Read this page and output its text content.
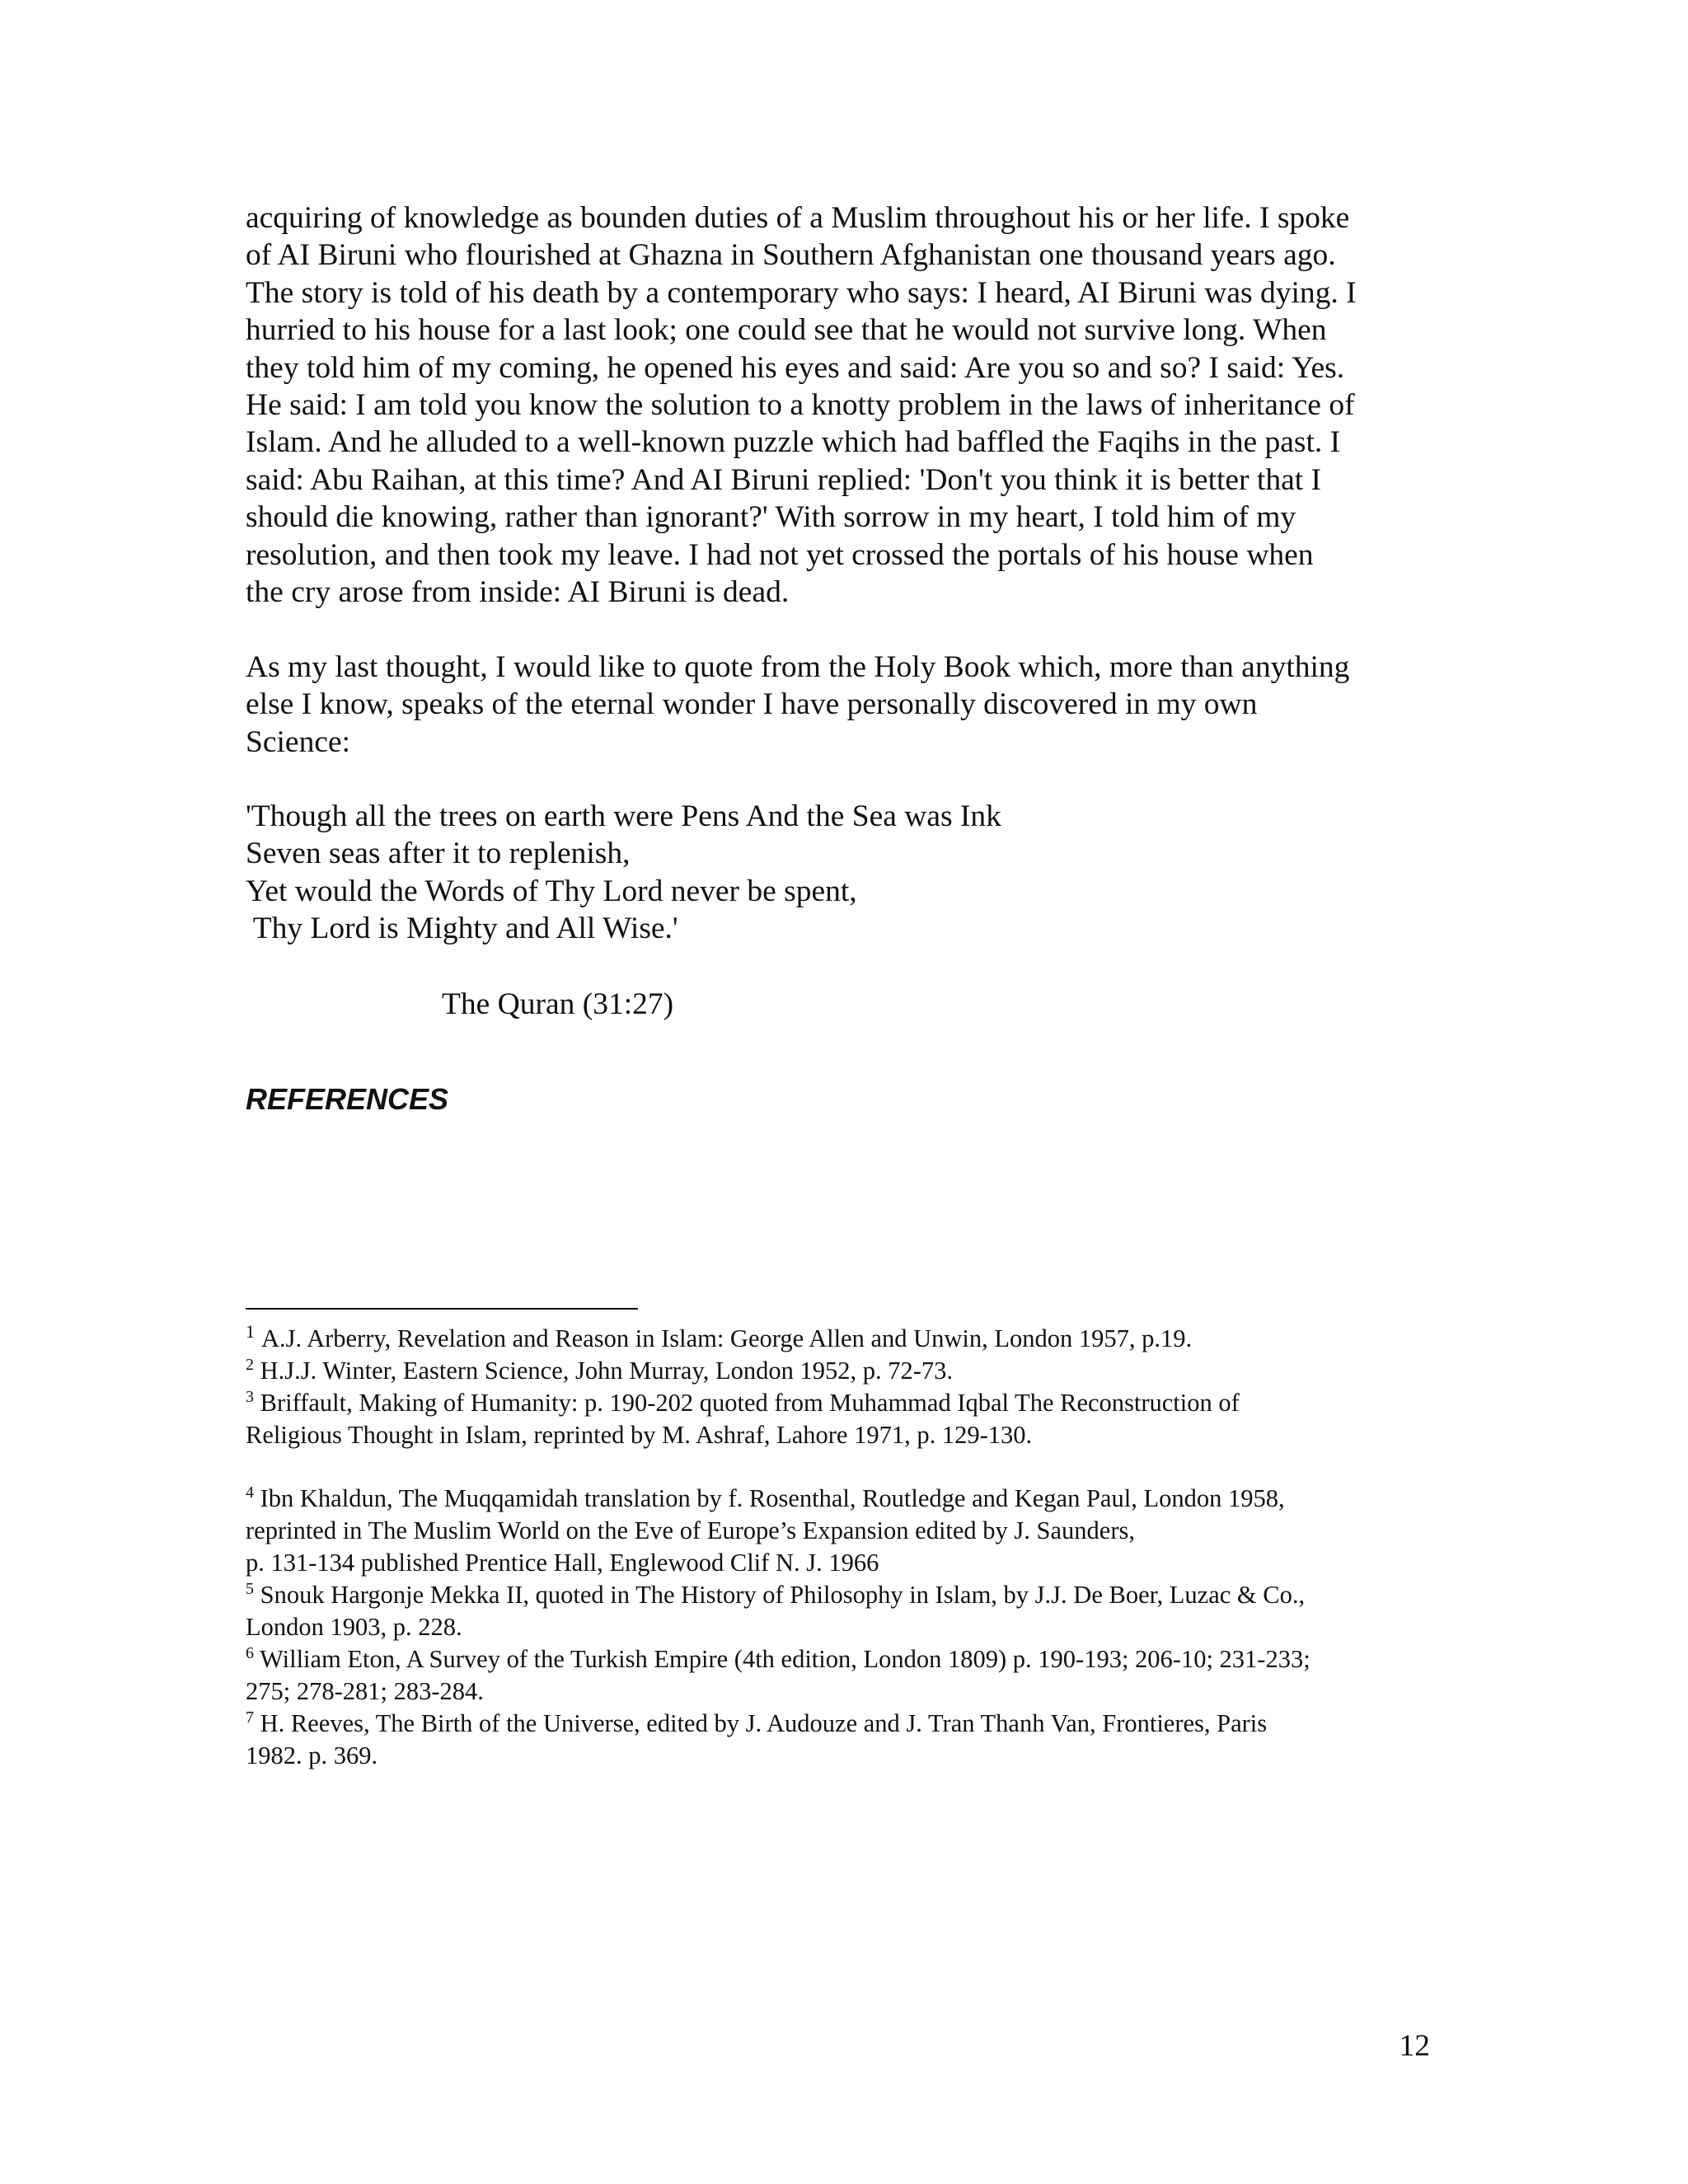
acquiring of knowledge as bounden duties of a Muslim throughout his or her life. I spoke
of AI Biruni who flourished at Ghazna in Southern Afghanistan one thousand years ago.
The story is told of his death by a contemporary who says: I heard, AI Biruni was dying. I
hurried to his house for a last look; one could see that he would not survive long. When
they told him of my coming, he opened his eyes and said: Are you so and so? I said: Yes.
He said: I am told you know the solution to a knotty problem in the laws of inheritance of
Islam. And he alluded to a well-known puzzle which had baffled the Faqihs in the past. I
said: Abu Raihan, at this time? And AI Biruni replied: 'Don't you think it is better that I
should die knowing, rather than ignorant?' With sorrow in my heart, I told him of my
resolution, and then took my leave. I had not yet crossed the portals of his house when
the cry arose from inside: AI Biruni is dead.

As my last thought, I would like to quote from the Holy Book which, more than anything
else I know, speaks of the eternal wonder I have personally discovered in my own
Science:

'Though all the trees on earth were Pens And the Sea was Ink
Seven seas after it to replenish,
Yet would the Words of Thy Lord never be spent,
Thy Lord is Mighty and All Wise.'
The Quran (31:27)
REFERENCES

$^1$ A.J. Arberry, Revelation and Reason in Islam: George Allen and Unwin, London 1957, p.19.

$^2$ H.J.J. Winter, Eastern Science, John Murray, London 1952, p. 72-73.

$^3$ Briffault, Making of Humanity: p. 190-202 quoted from Muhammad Iqbal The Reconstruction of
Religious Thought in Islam, reprinted by M. Ashraf, Lahore 1971, p. 129-130.

$^4$ Ibn Khaldun, The Muqqamidah translation by f. Rosenthal, Routledge and Kegan Paul, London 1958,
reprinted in The Muslim World on the Eve of Europe’s Expansion edited by J. Saunders,
p. 131-134 published Prentice Hall, Englewood Clif N. J. 1966

$^5$ Snouk Hargonje Mekka II, quoted in The History of Philosophy in Islam, by J.J. De Boer, Luzac & Co.,
London 1903, p. 228.

$^6$ William Eton, A Survey of the Turkish Empire (4th edition, London 1809) p. 190-193; 206-10; 231-233;
275; 278-281; 283-284.

$^7$ H. Reeves, The Birth of the Universe, edited by J. Audouze and J. Tran Thanh Van, Frontieres, Paris
1982. p. 369.

12
